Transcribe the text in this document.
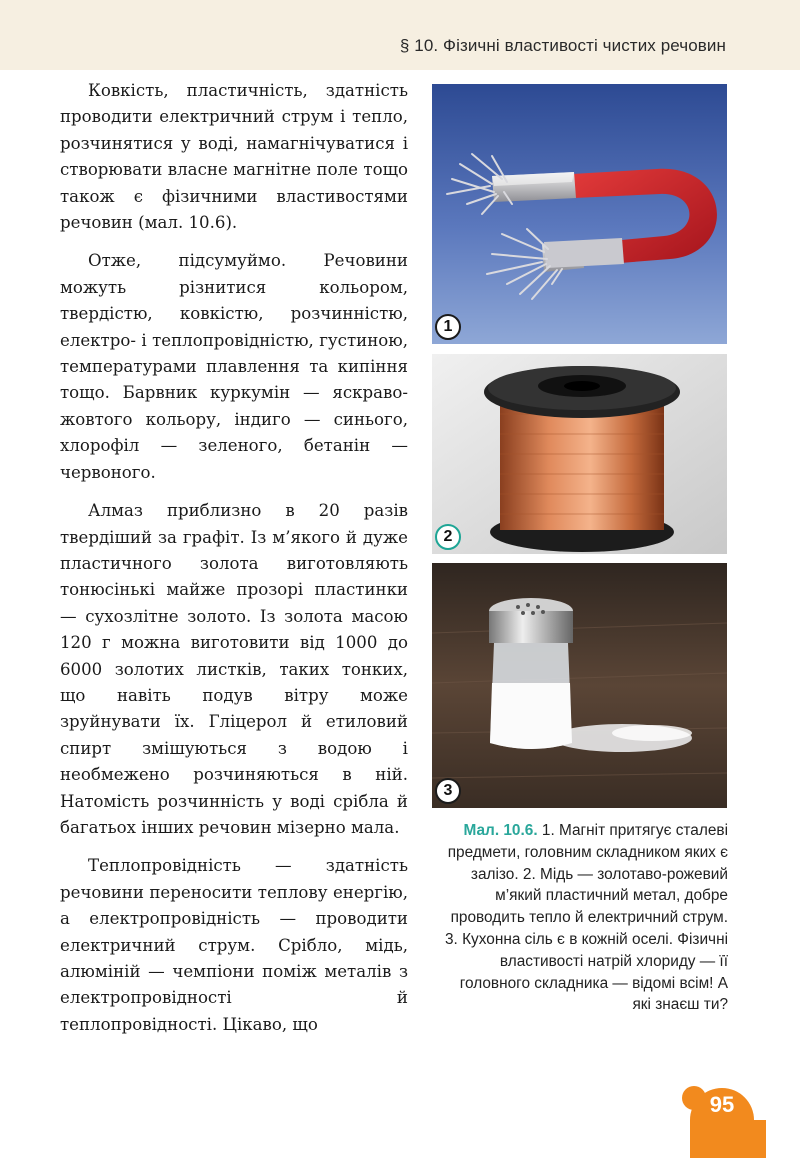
§ 10. Фізичні властивості чистих речовин

Ковкість, пластичність, здатність проводити електричний струм і тепло, розчинятися у воді, намагнічуватися і створювати власне магнітне поле тощо також є фізичними властивостями речовин (мал. 10.6).

Отже, підсумуймо. Речовини можуть різнитися кольором, твердістю, ковкістю, розчинністю, електро- і теплопровідністю, густиною, температурами плавлення та кипіння тощо. Барвник куркумін — яскраво-жовтого кольору, індиго — синього, хлорофіл — зеленого, бетанін — червоного.

Алмаз приблизно в 20 разів твердіший за графіт. Із м’якого й дуже пластичного золота виготовляють тонюсінькі майже прозорі пластинки — сухозлітне золото. Із золота масою 120 г можна виготовити від 1000 до 6000 золотих листків, таких тонких, що навіть подув вітру може зруйнувати їх. Гліцерол й етиловий спирт змішуються з водою і необмежено розчиняються в ній. Натомість розчинність у воді срібла й багатьох інших речовин мізерно мала.

Теплопровідність — здатність речовини переносити теплову енергію, а електропровідність — проводити електричний струм. Срібло, мідь, алюміній — чемпіони поміж металів з електропровідності й теплопровідності. Цікаво, що

1
2
3
Мал. 10.6. 1. Магніт притягує сталеві предмети, головним складником яких є залізо. 2. Мідь — золотаво-рожевий м’який пластичний метал, добре проводить тепло й електричний струм. 3. Кухонна сіль є в кожній оселі. Фізичні властивості натрій хлориду — її головного складника — відомі всім! А які знаєш ти?
95
